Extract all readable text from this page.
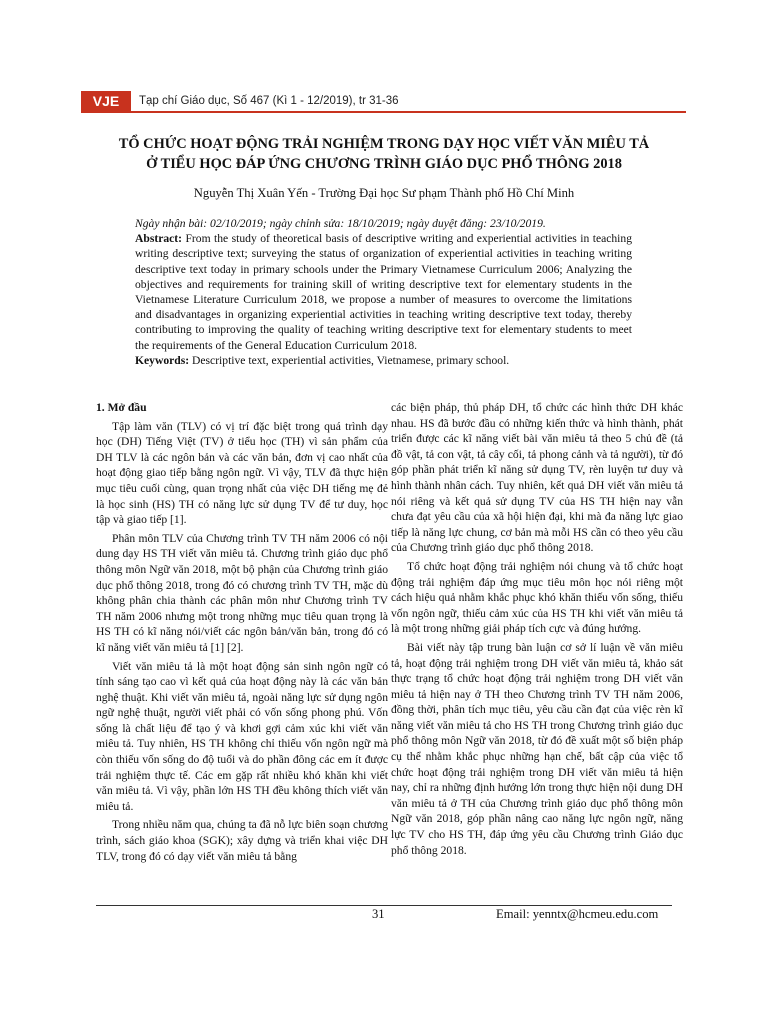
VJE	Tạp chí Giáo dục, Số 467 (Kì 1 - 12/2019), tr 31-36
TỔ CHỨC HOẠT ĐỘNG TRẢI NGHIỆM TRONG DẠY HỌC VIẾT VĂN MIÊU TẢ
Ở TIỂU HỌC ĐÁP ỨNG CHƯƠNG TRÌNH GIÁO DỤC PHỔ THÔNG 2018
Nguyễn Thị Xuân Yến - Trường Đại học Sư phạm Thành phố Hồ Chí Minh

Ngày nhận bài: 02/10/2019; ngày chỉnh sửa: 18/10/2019; ngày duyệt đăng: 23/10/2019.

Abstract: From the study of theoretical basis of descriptive writing and experiential activities in teaching writing descriptive text; surveying the status of organization of experiential activities in teaching writing descriptive text today in primary schools under the Primary Vietnamese Curriculum 2006; Analyzing the objectives and requirements for training skill of writing descriptive text for elementary students in the Vietnamese Literature Curriculum 2018, we propose a number of measures to overcome the limitations and disadvantages in organizing experiential activities in teaching writing descriptive text today, thereby contributing to improving the quality of teaching writing descriptive text for elementary students to meet the requirements of the General Education Curriculum 2018.

Keywords: Descriptive text, experiential activities, Vietnamese, primary school.

1. Mở đầu

Tập làm văn (TLV) có vị trí đặc biệt trong quá trình dạy học (DH) Tiếng Việt (TV) ở tiểu học (TH) vì sản phẩm của DH TLV là các ngôn bản và các văn bản, đơn vị cao nhất của hoạt động giao tiếp bằng ngôn ngữ. Vì vậy, TLV đã thực hiện mục tiêu cuối cùng, quan trọng nhất của việc DH tiếng mẹ đẻ là học sinh (HS) TH có năng lực sử dụng TV để tư duy, học tập và giao tiếp [1].

Phân môn TLV của Chương trình TV TH năm 2006 có nội dung dạy HS TH viết văn miêu tả. Chương trình giáo dục phổ thông môn Ngữ văn 2018, một bộ phận của Chương trình giáo dục phổ thông 2018, trong đó có chương trình TV TH, mặc dù không phân chia thành các phân môn như Chương trình TV TH năm 2006 nhưng một trong những mục tiêu quan trọng là HS TH có kĩ năng nói/viết các ngôn bản/văn bản, trong đó có kĩ năng viết văn miêu tả [1] [2].

Viết văn miêu tả là một hoạt động sản sinh ngôn ngữ có tính sáng tạo cao vì kết quả của hoạt động này là các văn bản nghệ thuật. Khi viết văn miêu tả, ngoài năng lực sử dụng ngôn ngữ nghệ thuật, người viết phải có vốn sống phong phú. Vốn sống là chất liệu để tạo ý và khơi gợi cảm xúc khi viết văn miêu tả. Tuy nhiên, HS TH không chỉ thiếu vốn ngôn ngữ mà còn thiếu vốn sống do độ tuổi và do phần đông các em ít được trải nghiệm thực tế. Các em gặp rất nhiều khó khăn khi viết văn miêu tả. Vì vậy, phần lớn HS TH đều không thích viết văn miêu tả.

Trong nhiều năm qua, chúng ta đã nỗ lực biên soạn chương trình, sách giáo khoa (SGK); xây dựng và triển khai việc DH TLV, trong đó có dạy viết văn miêu tả bằng

các biện pháp, thủ pháp DH, tổ chức các hình thức DH khác nhau. HS đã bước đầu có những kiến thức và hình thành, phát triển được các kĩ năng viết bài văn miêu tả theo 5 chủ đề (tả đồ vật, tả con vật, tả cây cối, tả phong cảnh và tả người), từ đó góp phần phát triển kĩ năng sử dụng TV, rèn luyện tư duy và hình thành nhân cách. Tuy nhiên, kết quả DH viết văn miêu tả nói riêng và kết quả sử dụng TV của HS TH hiện nay vẫn chưa đạt yêu cầu của xã hội hiện đại, khi mà đa năng lực giao tiếp là năng lực chung, cơ bản mà mỗi HS cần có theo yêu cầu của Chương trình giáo dục phổ thông 2018.

Tổ chức hoạt động trải nghiệm nói chung và tổ chức hoạt động trải nghiệm đáp ứng mục tiêu môn học nói riêng một cách hiệu quả nhằm khắc phục khó khăn thiếu vốn sống, thiếu vốn ngôn ngữ, thiếu cảm xúc của HS TH khi viết văn miêu tả là một trong những giải pháp tích cực và đúng hướng.

Bài viết này tập trung bàn luận cơ sở lí luận về văn miêu tả, hoạt động trải nghiệm trong DH viết văn miêu tả, khảo sát thực trạng tổ chức hoạt động trải nghiệm trong DH viết văn miêu tả hiện nay ở TH theo Chương trình TV TH năm 2006, đồng thời, phân tích mục tiêu, yêu cầu cần đạt của việc rèn kĩ năng viết văn miêu tả cho HS TH trong Chương trình giáo dục phổ thông môn Ngữ văn 2018, từ đó đề xuất một số biện pháp cụ thể nhằm khắc phục những hạn chế, bất cập của việc tổ chức hoạt động trải nghiệm trong DH viết văn miêu tả hiện nay, chỉ ra những định hướng lớn trong thực hiện nội dung DH văn miêu tả ở TH của Chương trình giáo dục phổ thông môn Ngữ văn 2018, góp phần nâng cao năng lực ngôn ngữ, năng lực TV cho HS TH, đáp ứng yêu cầu Chương trình Giáo dục phổ thông 2018.

31	Email: yenntx@hcmeu.edu.com
